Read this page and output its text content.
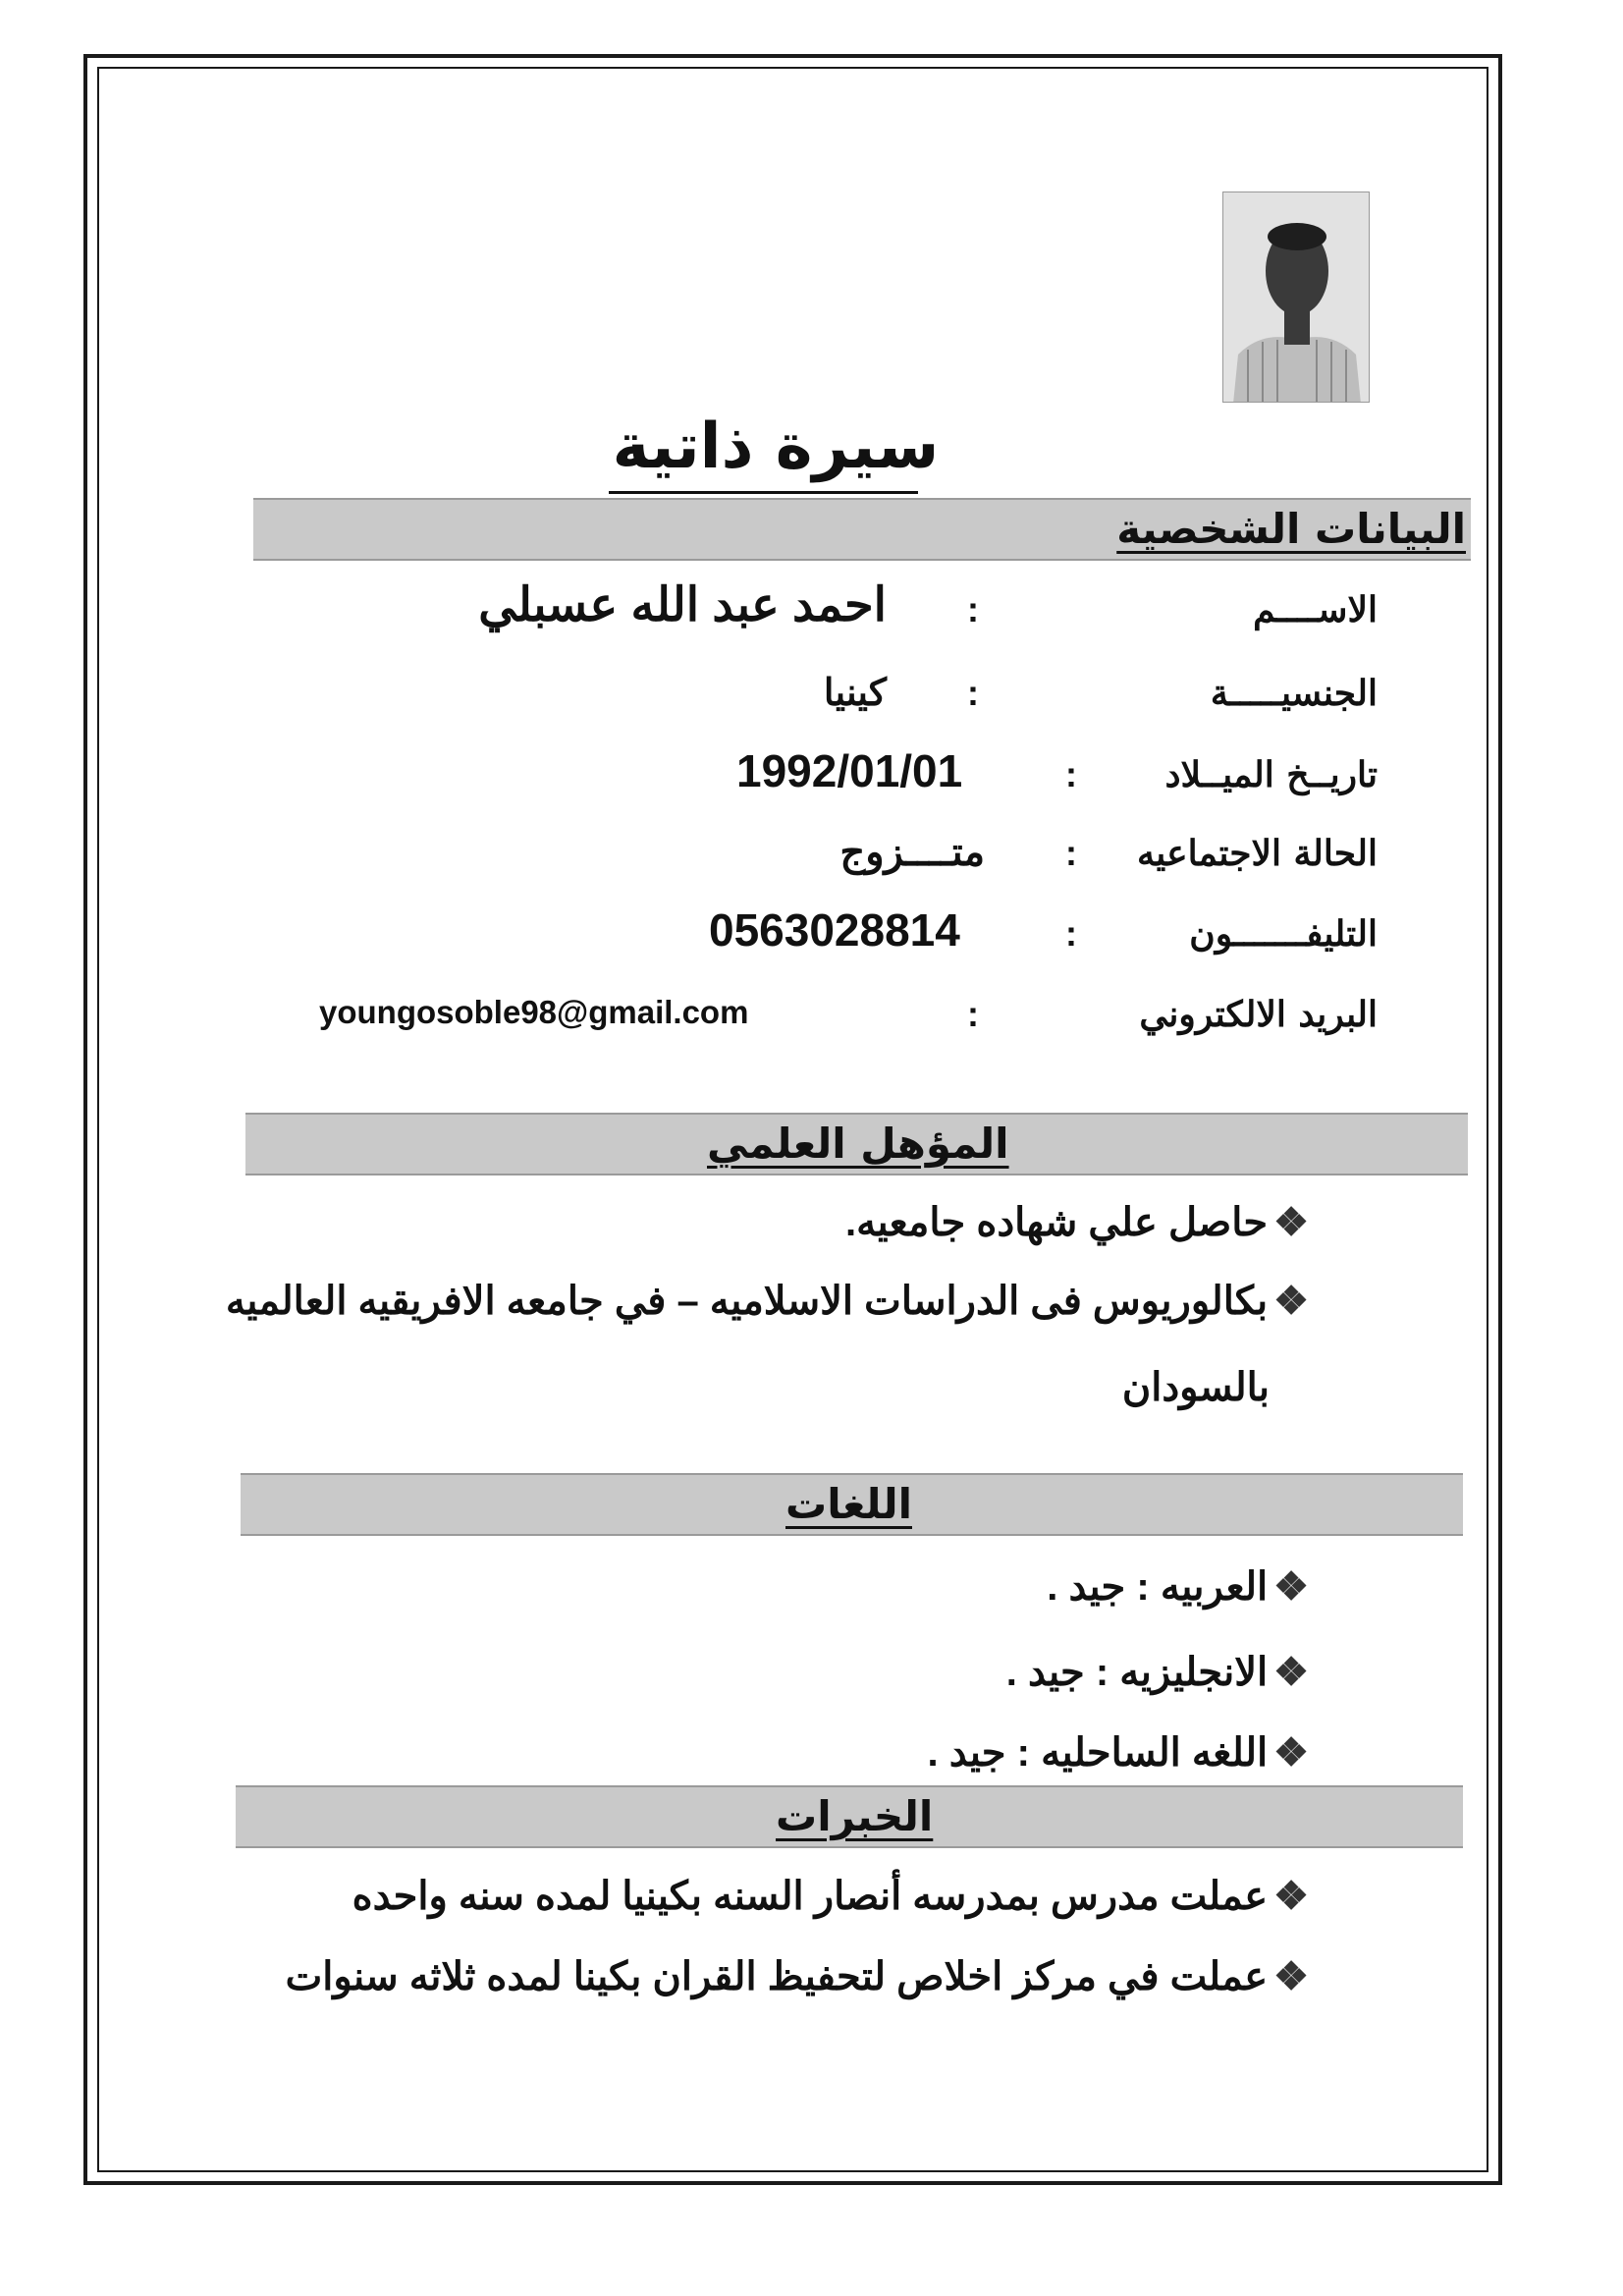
سيرة ذاتية
البيانات الشخصية
الاســــم
:
احمد عبد الله عسبلي
الجنسيـــــة
:
كينيا
تاريــخ الميــلاد
:
1992/01/01
الحالة الاجتماعيه
:
متــــزوج
التليفـــــــون
:
0563028814
البريد الالكتروني
:
youngosoble98@gmail.com
المؤهل العلمي
❖حاصل علي شهاده جامعيه.
❖بكالوريوس فى الدراسات الاسلاميه – في جامعه الافريقيه العالميه
بالسودان
اللغات
❖العربيه : جيد .
❖الانجليزيه : جيد .
❖اللغه الساحليه : جيد .
الخبرات
❖عملت مدرس بمدرسه أنصار السنه بكينيا لمده سنه واحده
❖عملت في مركز اخلاص لتحفيظ القران بكينا لمده ثلاثه سنوات
